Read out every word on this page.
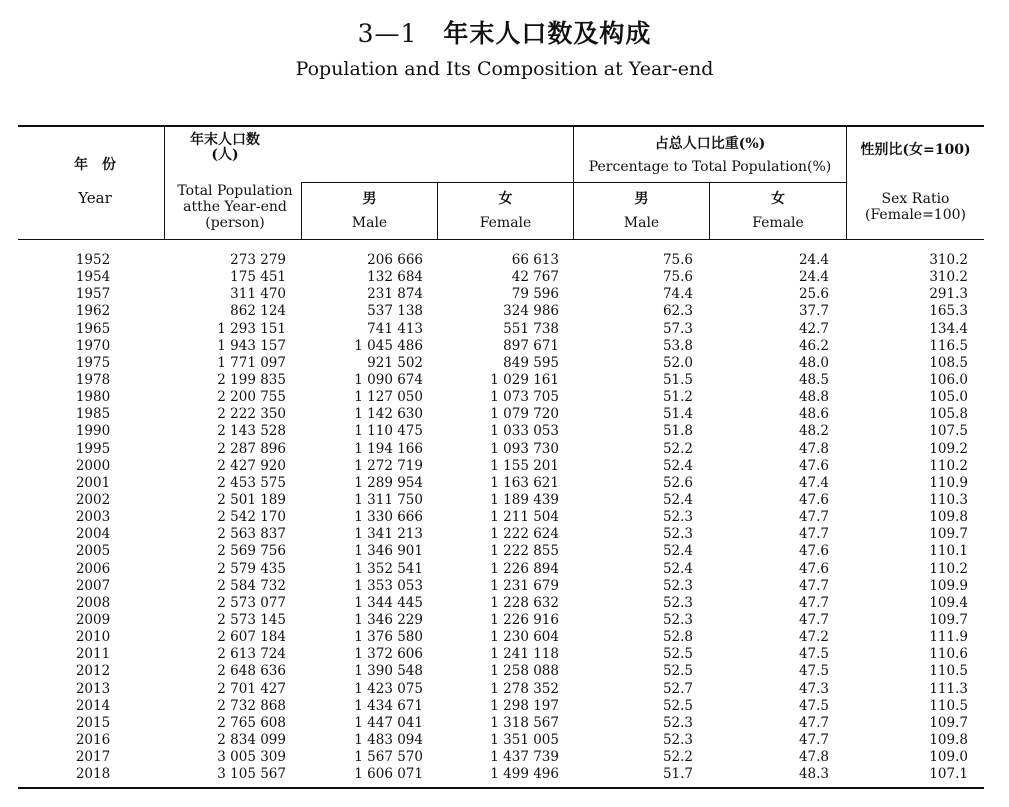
3—1 年末人口数及构成
Population and Its Composition at Year-end
年　份
Year
年末人口数
(人)
Total Population
atthe Year-end
(person)
男
Male
女
Female
占总人口比重(%)
Percentage to Total Population(%)
男
Male
女
Female
性别比(女=100)
Sex Ratio
(Female=100)
1952	273 279	206 666	66 613	75.6	24.4	310.2
1954	175 451	132 684	42 767	75.6	24.4	310.2
1957	311 470	231 874	79 596	74.4	25.6	291.3
1962	862 124	537 138	324 986	62.3	37.7	165.3
1965	1 293 151	741 413	551 738	57.3	42.7	134.4
1970	1 943 157	1 045 486	897 671	53.8	46.2	116.5
1975	1 771 097	921 502	849 595	52.0	48.0	108.5
1978	2 199 835	1 090 674	1 029 161	51.5	48.5	106.0
1980	2 200 755	1 127 050	1 073 705	51.2	48.8	105.0
1985	2 222 350	1 142 630	1 079 720	51.4	48.6	105.8
1990	2 143 528	1 110 475	1 033 053	51.8	48.2	107.5
1995	2 287 896	1 194 166	1 093 730	52.2	47.8	109.2
2000	2 427 920	1 272 719	1 155 201	52.4	47.6	110.2
2001	2 453 575	1 289 954	1 163 621	52.6	47.4	110.9
2002	2 501 189	1 311 750	1 189 439	52.4	47.6	110.3
2003	2 542 170	1 330 666	1 211 504	52.3	47.7	109.8
2004	2 563 837	1 341 213	1 222 624	52.3	47.7	109.7
2005	2 569 756	1 346 901	1 222 855	52.4	47.6	110.1
2006	2 579 435	1 352 541	1 226 894	52.4	47.6	110.2
2007	2 584 732	1 353 053	1 231 679	52.3	47.7	109.9
2008	2 573 077	1 344 445	1 228 632	52.3	47.7	109.4
2009	2 573 145	1 346 229	1 226 916	52.3	47.7	109.7
2010	2 607 184	1 376 580	1 230 604	52.8	47.2	111.9
2011	2 613 724	1 372 606	1 241 118	52.5	47.5	110.6
2012	2 648 636	1 390 548	1 258 088	52.5	47.5	110.5
2013	2 701 427	1 423 075	1 278 352	52.7	47.3	111.3
2014	2 732 868	1 434 671	1 298 197	52.5	47.5	110.5
2015	2 765 608	1 447 041	1 318 567	52.3	47.7	109.7
2016	2 834 099	1 483 094	1 351 005	52.3	47.7	109.8
2017	3 005 309	1 567 570	1 437 739	52.2	47.8	109.0
2018	3 105 567	1 606 071	1 499 496	51.7	48.3	107.1
